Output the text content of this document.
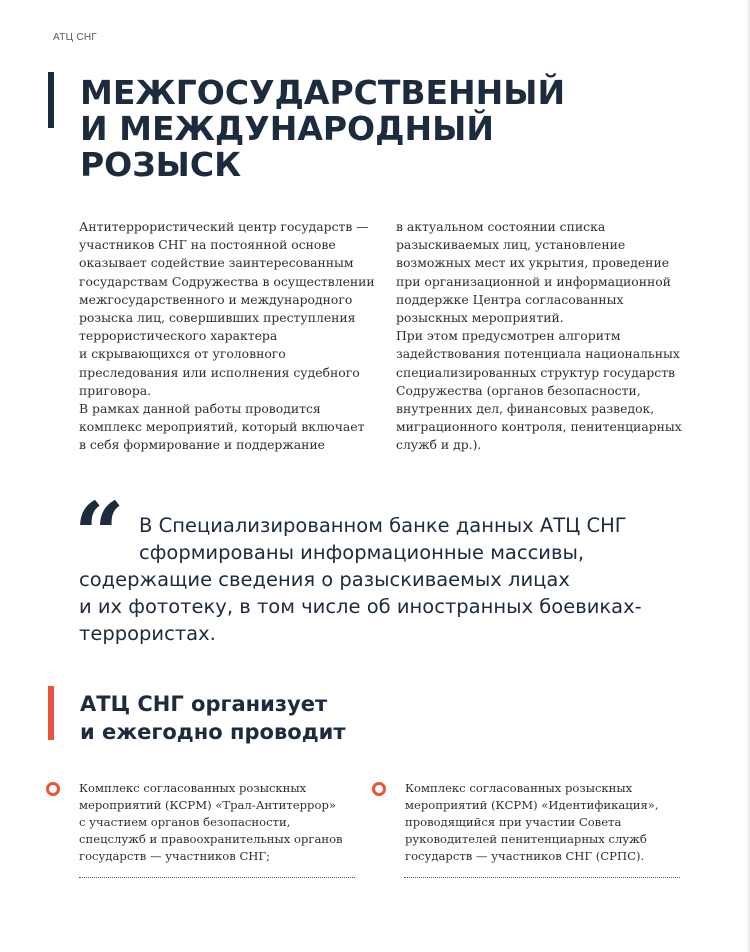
АТЦ СНГ
МЕЖГОСУДАРСТВЕННЫЙ
И МЕЖДУНАРОДНЫЙ
РОЗЫСК
Антитеррористический центр государств —
участников СНГ на постоянной основе
оказывает содействие заинтересованным
государствам Содружества в осуществлении
межгосударственного и международного
розыска лиц, совершивших преступления
террористического характера
и скрывающихся от уголовного
преследования или исполнения судебного
приговора.
В рамках данной работы проводится
комплекс мероприятий, который включает
в себя формирование и поддержание
в актуальном состоянии списка
разыскиваемых лиц, установление
возможных мест их укрытия, проведение
при организационной и информационной
поддержке Центра согласованных
розыскных мероприятий.
При этом предусмотрен алгоритм
задействования потенциала национальных
специализированных структур государств
Содружества (органов безопасности,
внутренних дел, финансовых разведок,
миграционного контроля, пенитенциарных
служб и др.).
“ В Специализированном банке данных АТЦ СНГ
сформированы информационные массивы,
содержащие сведения о разыскиваемых лицах
и их фототеку, в том числе об иностранных боевиках-
террористах.
АТЦ СНГ организует
и ежегодно проводит
Комплекс согласованных розыскных
мероприятий (КСРМ) «Трал-Антитеррор»
с участием органов безопасности,
спецслужб и правоохранительных органов
государств — участников СНГ;
Комплекс согласованных розыскных
мероприятий (КСРМ) «Идентификация»,
проводящийся при участии Совета
руководителей пенитенциарных служб
государств — участников СНГ (СРПС).
